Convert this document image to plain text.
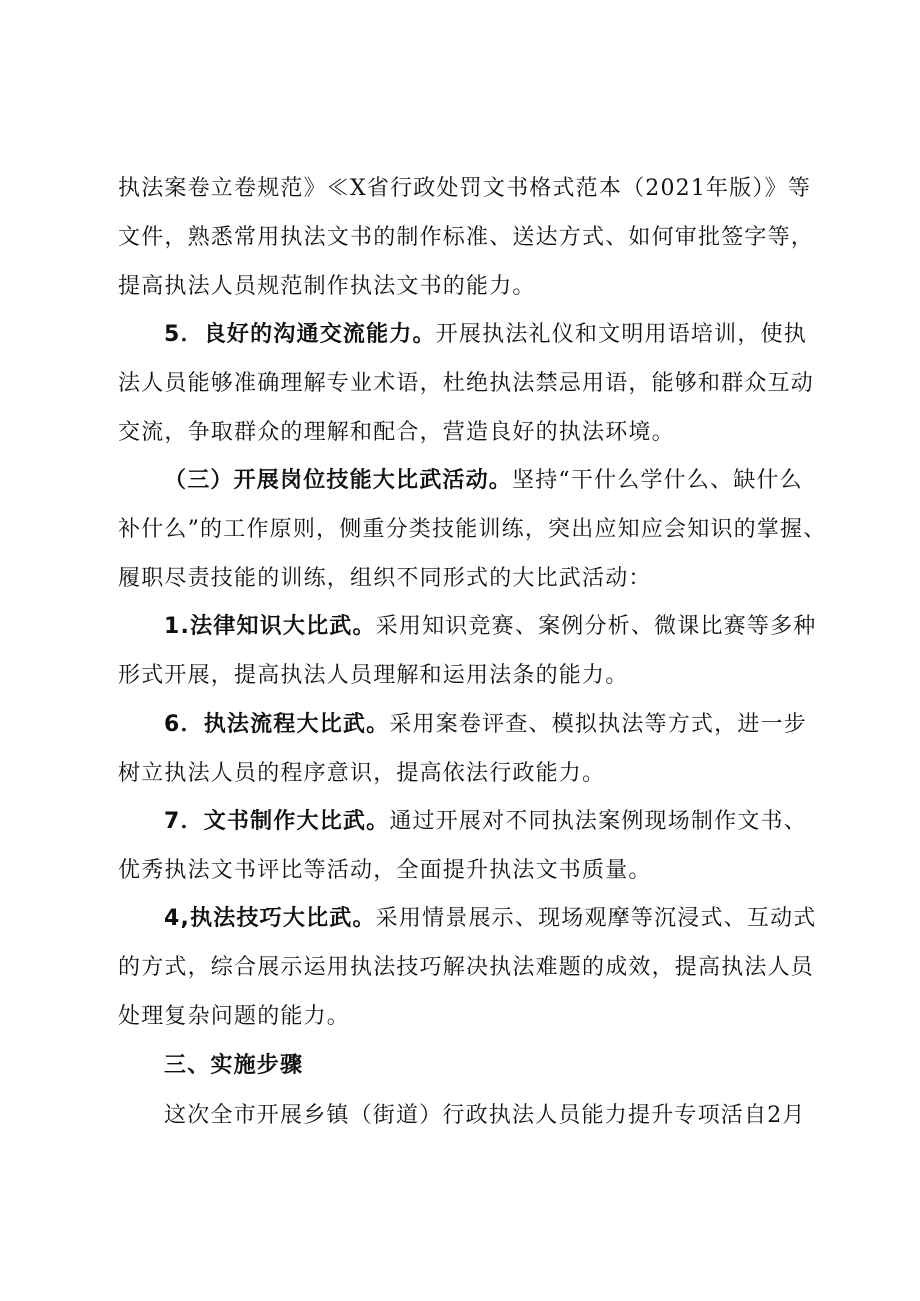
执法案卷立卷规范》≪X省行政处罚文书格式范本（2021年版）》等
文件，熟悉常用执法文书的制作标准、送达方式、如何审批签字等，
提高执法人员规范制作执法文书的能力。
5．良好的沟通交流能力。开展执法礼仪和文明用语培训，使执
法人员能够准确理解专业术语，杜绝执法禁忌用语，能够和群众互动
交流，争取群众的理解和配合，营造良好的执法环境。
（三）开展岗位技能大比武活动。坚持“干什么学什么、缺什么
补什么”的工作原则，侧重分类技能训练，突出应知应会知识的掌握、
履职尽责技能的训练，组织不同形式的大比武活动：
1.法律知识大比武。采用知识竞赛、案例分析、微课比赛等多种
形式开展，提高执法人员理解和运用法条的能力。
6．执法流程大比武。采用案卷评查、模拟执法等方式，进一步
树立执法人员的程序意识，提高依法行政能力。
7．文书制作大比武。通过开展对不同执法案例现场制作文书、
优秀执法文书评比等活动，全面提升执法文书质量。
4,执法技巧大比武。采用情景展示、现场观摩等沉浸式、互动式
的方式，综合展示运用执法技巧解决执法难题的成效，提高执法人员
处理复杂问题的能力。
三、实施步骤
这次全市开展乡镇（街道）行政执法人员能力提升专项活自2月
